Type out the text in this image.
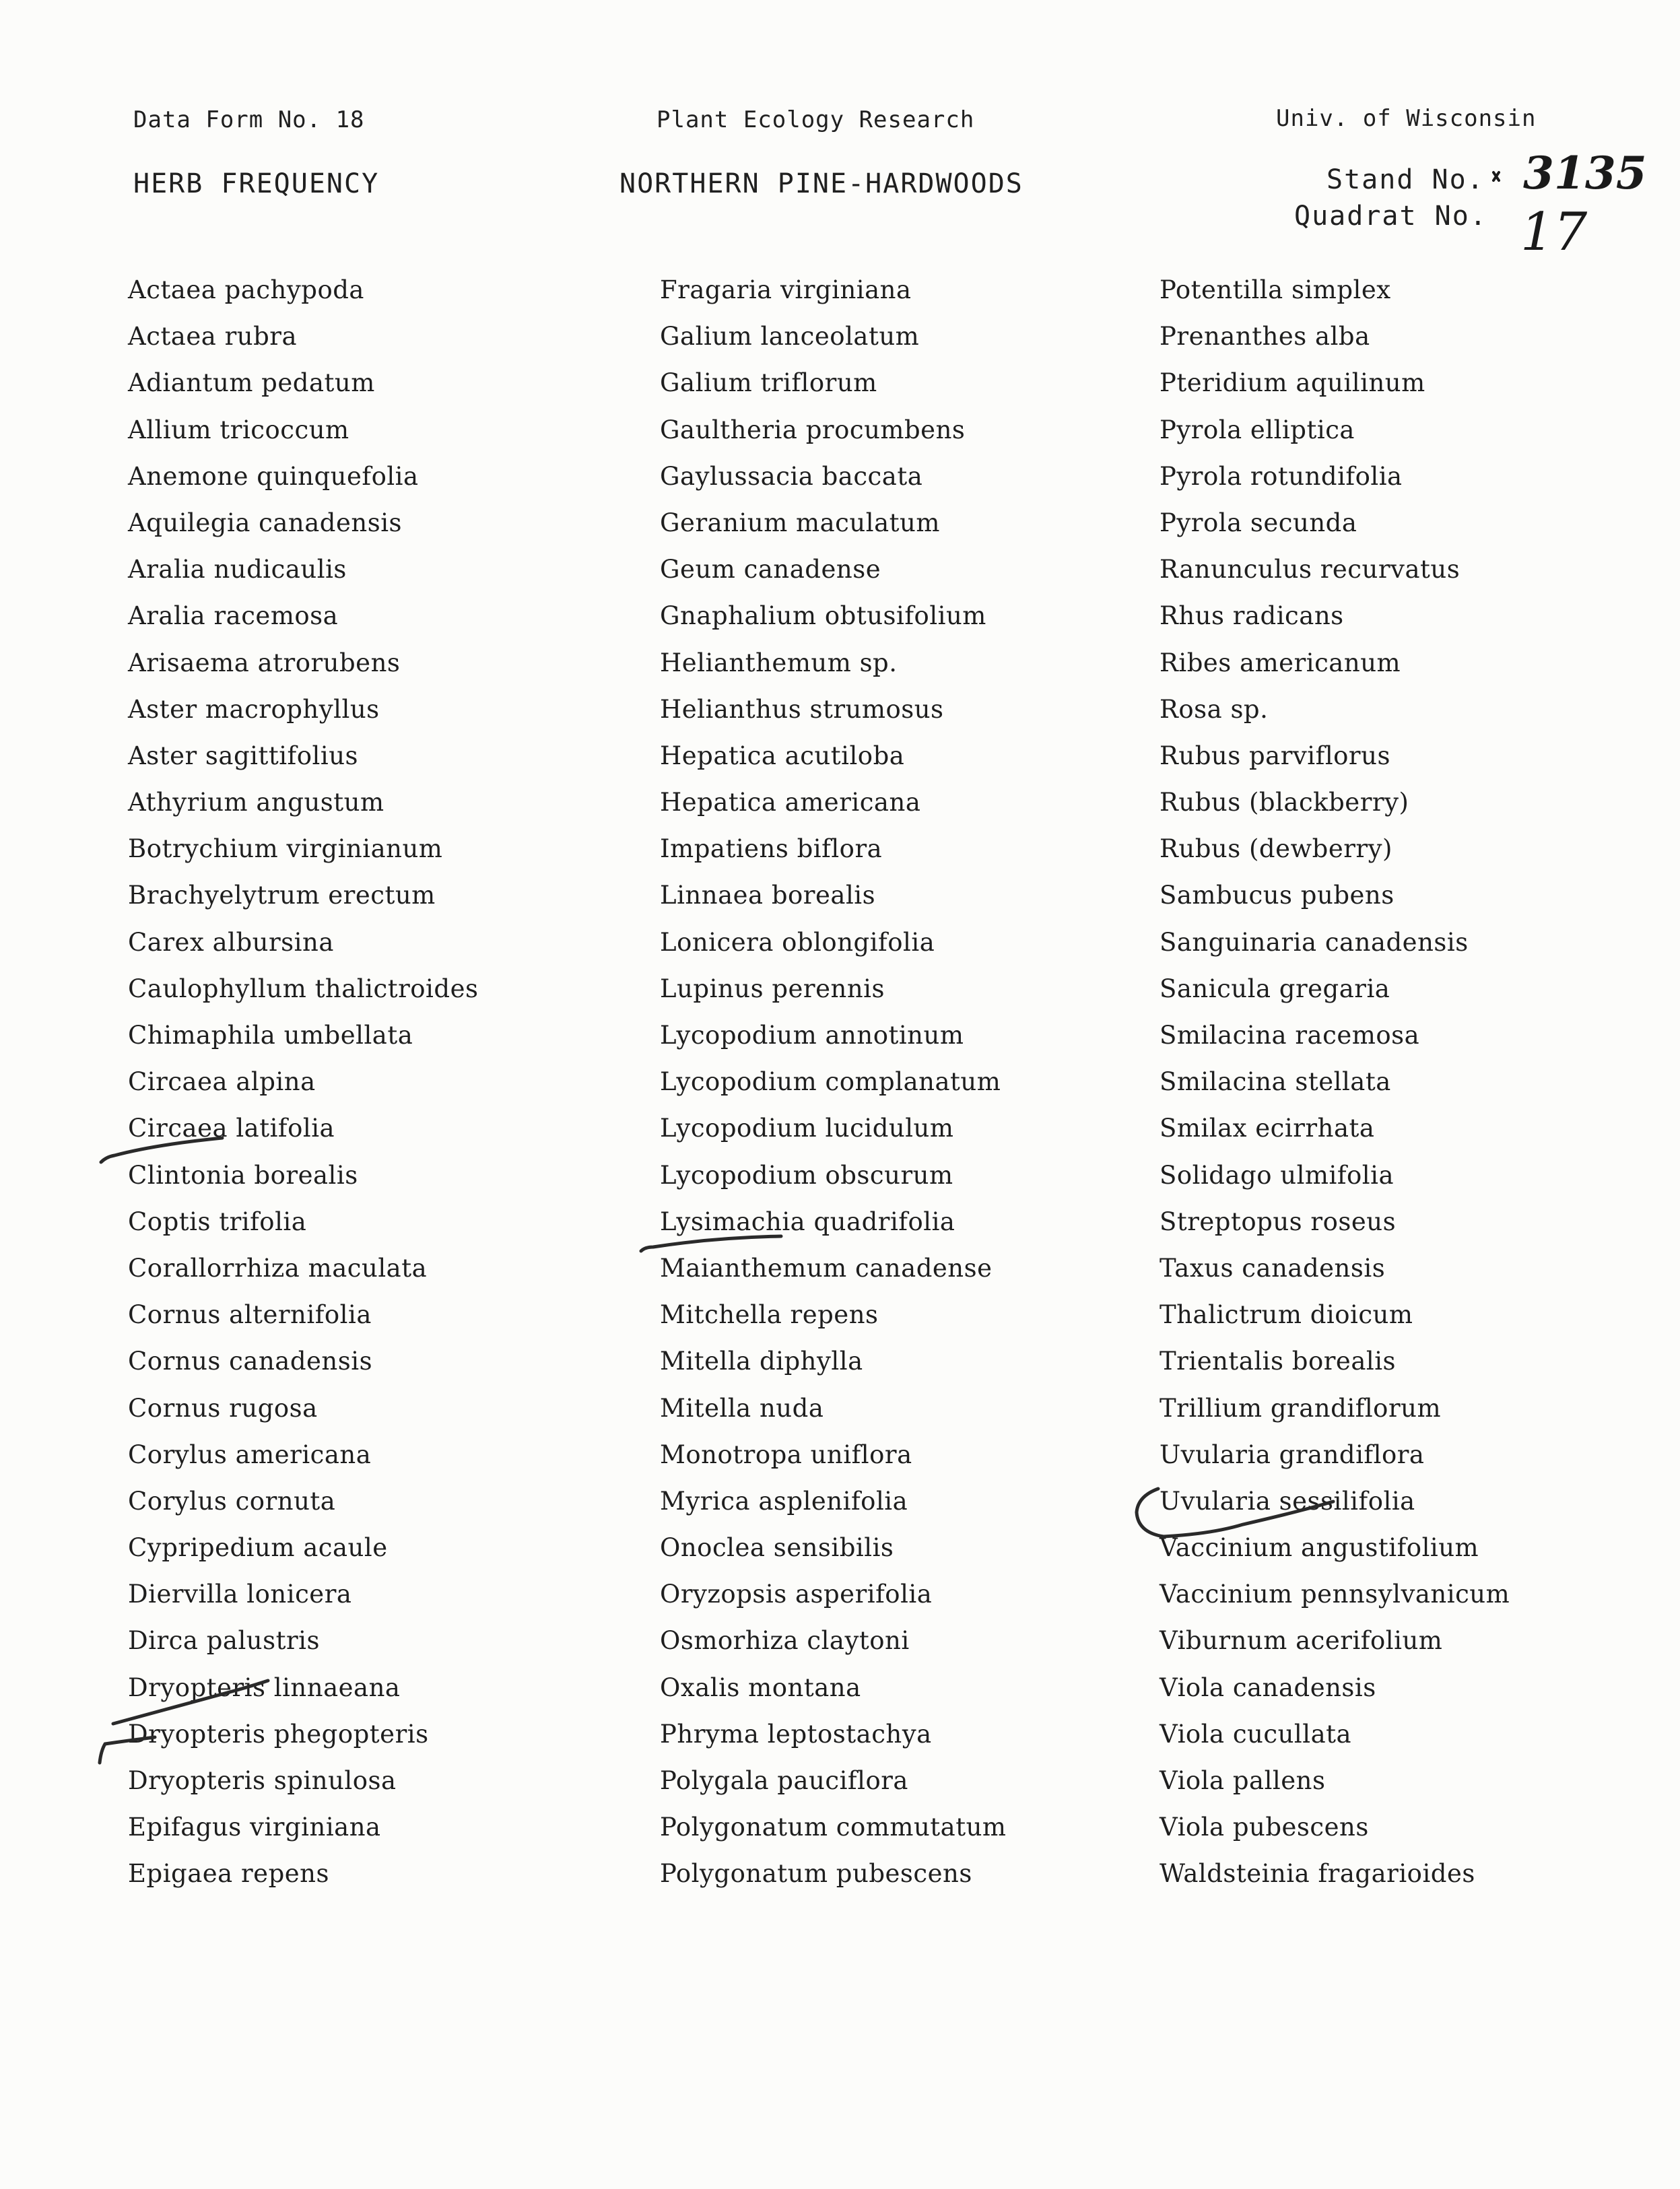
Data Form No. 18	Plant Ecology Research	Univ. of Wisconsin
HERB FREQUENCY	NORTHERN PINE-HARDWOODS	Stand No. 3135
Quadrat No. 17
Actaea pachypoda
Actaea rubra
Adiantum pedatum
Allium tricoccum
Anemone quinquefolia
Aquilegia canadensis
Aralia nudicaulis
Aralia racemosa
Arisaema atrorubens
Aster macrophyllus
Aster sagittifolius
Athyrium angustum
Botrychium virginianum
Brachyelytrum erectum
Carex albursina
Caulophyllum thalictroides
Chimaphila umbellata
Circaea alpina
Circaea latifolia
Clintonia borealis
Coptis trifolia
Corallorrhiza maculata
Cornus alternifolia
Cornus canadensis
Cornus rugosa
Corylus americana
Corylus cornuta
Cypripedium acaule
Diervilla lonicera
Dirca palustris
Dryopteris linnaeana
Dryopteris phegopteris
Dryopteris spinulosa
Epifagus virginiana
Epigaea repens
Fragaria virginiana
Galium lanceolatum
Galium triflorum
Gaultheria procumbens
Gaylussacia baccata
Geranium maculatum
Geum canadense
Gnaphalium obtusifolium
Helianthemum sp.
Helianthus strumosus
Hepatica acutiloba
Hepatica americana
Impatiens biflora
Linnaea borealis
Lonicera oblongifolia
Lupinus perennis
Lycopodium annotinum
Lycopodium complanatum
Lycopodium lucidulum
Lycopodium obscurum
Lysimachia quadrifolia
Maianthemum canadense
Mitchella repens
Mitella diphylla
Mitella nuda
Monotropa uniflora
Myrica asplenifolia
Onoclea sensibilis
Oryzopsis asperifolia
Osmorhiza claytoni
Oxalis montana
Phryma leptostachya
Polygala pauciflora
Polygonatum commutatum
Polygonatum pubescens
Potentilla simplex
Prenanthes alba
Pteridium aquilinum
Pyrola elliptica
Pyrola rotundifolia
Pyrola secunda
Ranunculus recurvatus
Rhus radicans
Ribes americanum
Rosa sp.
Rubus parviflorus
Rubus (blackberry)
Rubus (dewberry)
Sambucus pubens
Sanguinaria canadensis
Sanicula gregaria
Smilacina racemosa
Smilacina stellata
Smilax ecirrhata
Solidago ulmifolia
Streptopus roseus
Taxus canadensis
Thalictrum dioicum
Trientalis borealis
Trillium grandiflorum
Uvularia grandiflora
Uvularia sessilifolia
Vaccinium angustifolium
Vaccinium pennsylvanicum
Viburnum acerifolium
Viola canadensis
Viola cucullata
Viola pallens
Viola pubescens
Waldsteinia fragarioides
